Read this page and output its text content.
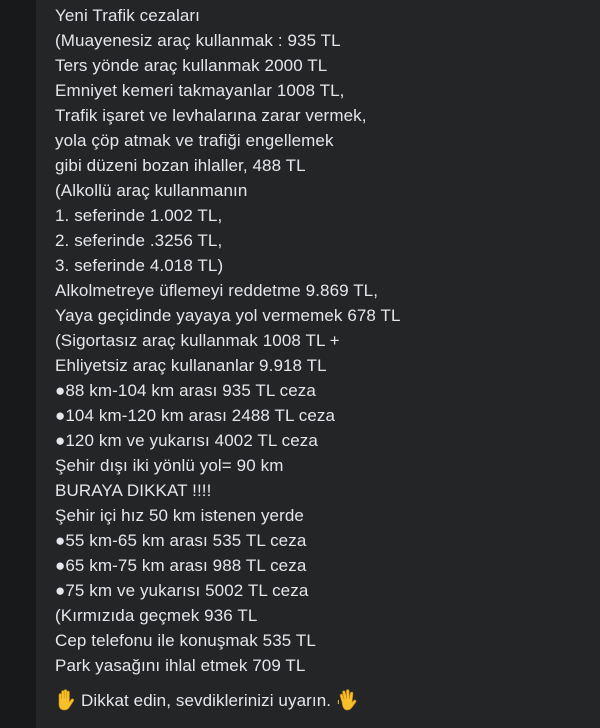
Yeni Trafik cezaları
(Muayenesiz araç kullanmak : 935 TL
Ters yönde araç kullanmak 2000 TL
Emniyet kemeri takmayanlar 1008 TL,
Trafik işaret ve levhalarına zarar vermek,
yola çöp atmak ve trafiği engellemek
gibi düzeni bozan ihlaller, 488 TL
(Alkollü araç kullanmanın
1. seferinde 1.002 TL,
2. seferinde .3256 TL,
3. seferinde 4.018 TL)
Alkolmetreye üflemeyi reddetme 9.869 TL,
Yaya geçidinde yayaya yol vermemek 678 TL
(Sigortasız araç kullanmak 1008 TL +
Ehliyetsiz araç kullananlar 9.918 TL
●88 km-104 km arası 935 TL ceza
●104 km-120 km arası 2488 TL ceza
●120 km ve yukarısı 4002 TL ceza
Şehir dışı iki yönlü yol= 90 km
BURAYA DIKKAT !!!!
Şehir içi hız 50 km istenen yerde
●55 km-65 km arası 535 TL ceza
●65 km-75 km arası 988 TL ceza
●75 km ve yukarısı 5002 TL ceza
(Kırmızıda geçmek 936 TL
Cep telefonu ile konuşmak 535 TL
Park yasağını ihlal etmek 709 TL
Dikkat edin, sevdiklerinizi uyarın.
